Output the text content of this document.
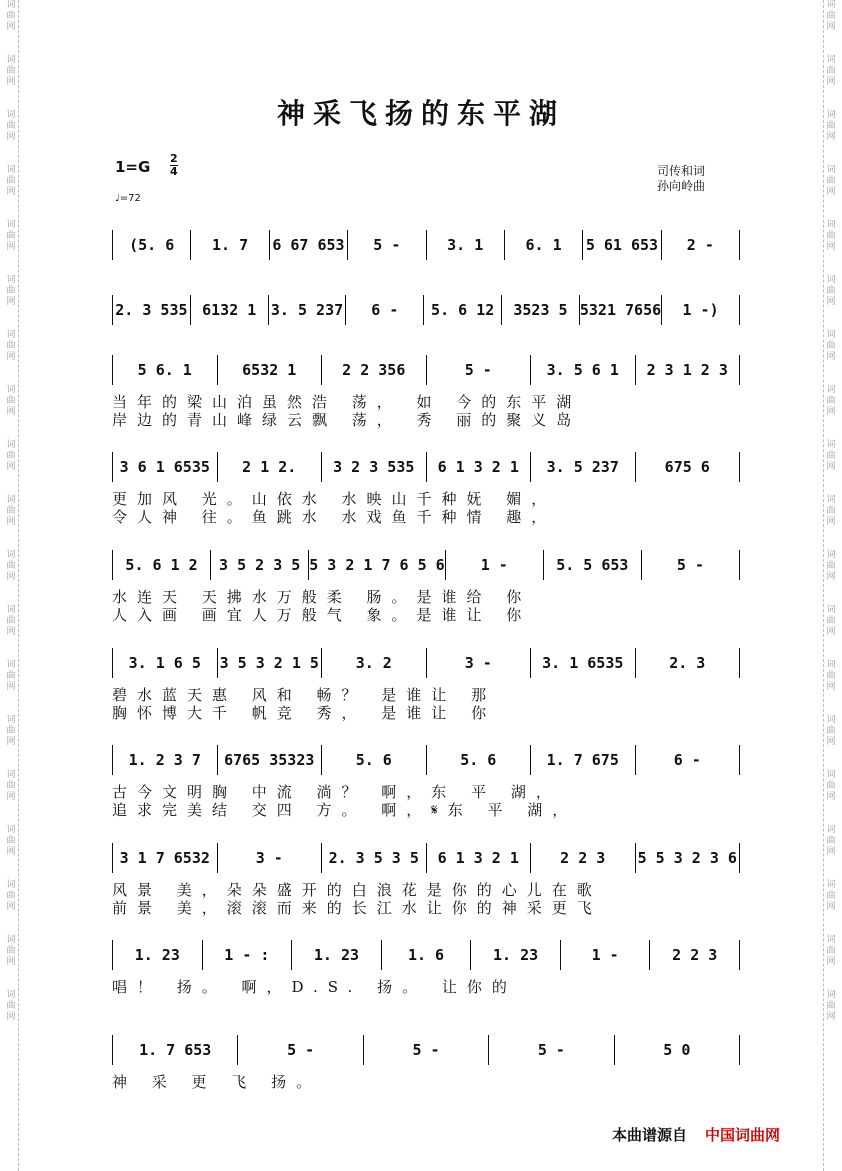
词
曲
网

词
曲
网

词
曲
网

词
曲
网

词
曲
网

词
曲
网

词
曲
网

词
曲
网

词
曲
网

词
曲
网

词
曲
网

词
曲
网

词
曲
网

词
曲
网

词
曲
网

词
曲
网

词
曲
网

词
曲
网

词
曲
网

词
曲
网

词
曲
网

词
曲
网

词
曲
网

词
曲
网

词
曲
网

词
曲
网

词
曲
网

词
曲
网

词
曲
网

词
曲
网

词
曲
网

词
曲
网

词
曲
网

词
曲
网

词
曲
网

词
曲
网

词
曲
网

词
曲
网

神采飞扬的东平湖
1=G 2
4
♩=72
司传和词
孙向岭曲
(5. 6	1. 7	6 67 653	5 -	3. 1	6. 1	5 61 653	2 -
2. 3 535 6132 1 3. 5 237	6 -	5. 6 12	3523 5 5321 7656	1 -)
5 6. 1	6532 1	2 2 356	5 -	3. 5 6 1	2 3 1 2 3
当年的梁山泊虽然浩 荡， 如 今的东平湖
岸边的青山峰绿云飘 荡， 秀 丽的聚义岛
3 6 1 6535	2 1 2.	3 2 3 535	6 1 3 2 1	3. 5 237	675 6
更加风 光。山依水 水映山千种妩 媚，
令人神 往。鱼跳水 水戏鱼千种情 趣，
5. 6 1 2	3 5 2 3 5 5 3 2 1 7 6 5 6	1 -	5. 5 653	5 -
水连天 天拂水万般柔 肠。是谁给 你
人入画 画宜人万般气 象。是谁让 你
3. 1 6 5	3 5 3 2 1 5	3. 2	3 -	3. 1 6535	2. 3
碧水蓝天惠 风和 畅？ 是谁让 那
胸怀博大千 帆竞 秀， 是谁让 你
1. 2 3 7	6765 35323	5. 6	5. 6	1. 7 675	6 -
古今文明胸 中流 淌？ 啊，东 平 湖，
追求完美结 交四 方。 啊，𝄋东 平 湖，
3 1 7 6532	3 -	2. 3 5 3 5	6 1 3 2 1	2 2 3	5 5 3 2 3 6
风景 美，朵朵盛开的白浪花是你的心儿在歌
前景 美，滚滚而来的长江水让你的神采更飞
1. 23	1 - :	1. 23	1. 6	1. 23	1 -	2 2 3
唱！ 扬。 啊，D.S. 扬。 让你的
1. 7 653	5 -	5 -	5 -	5 0
神 采 更 飞 扬。
本曲谱源自 中国词曲网
